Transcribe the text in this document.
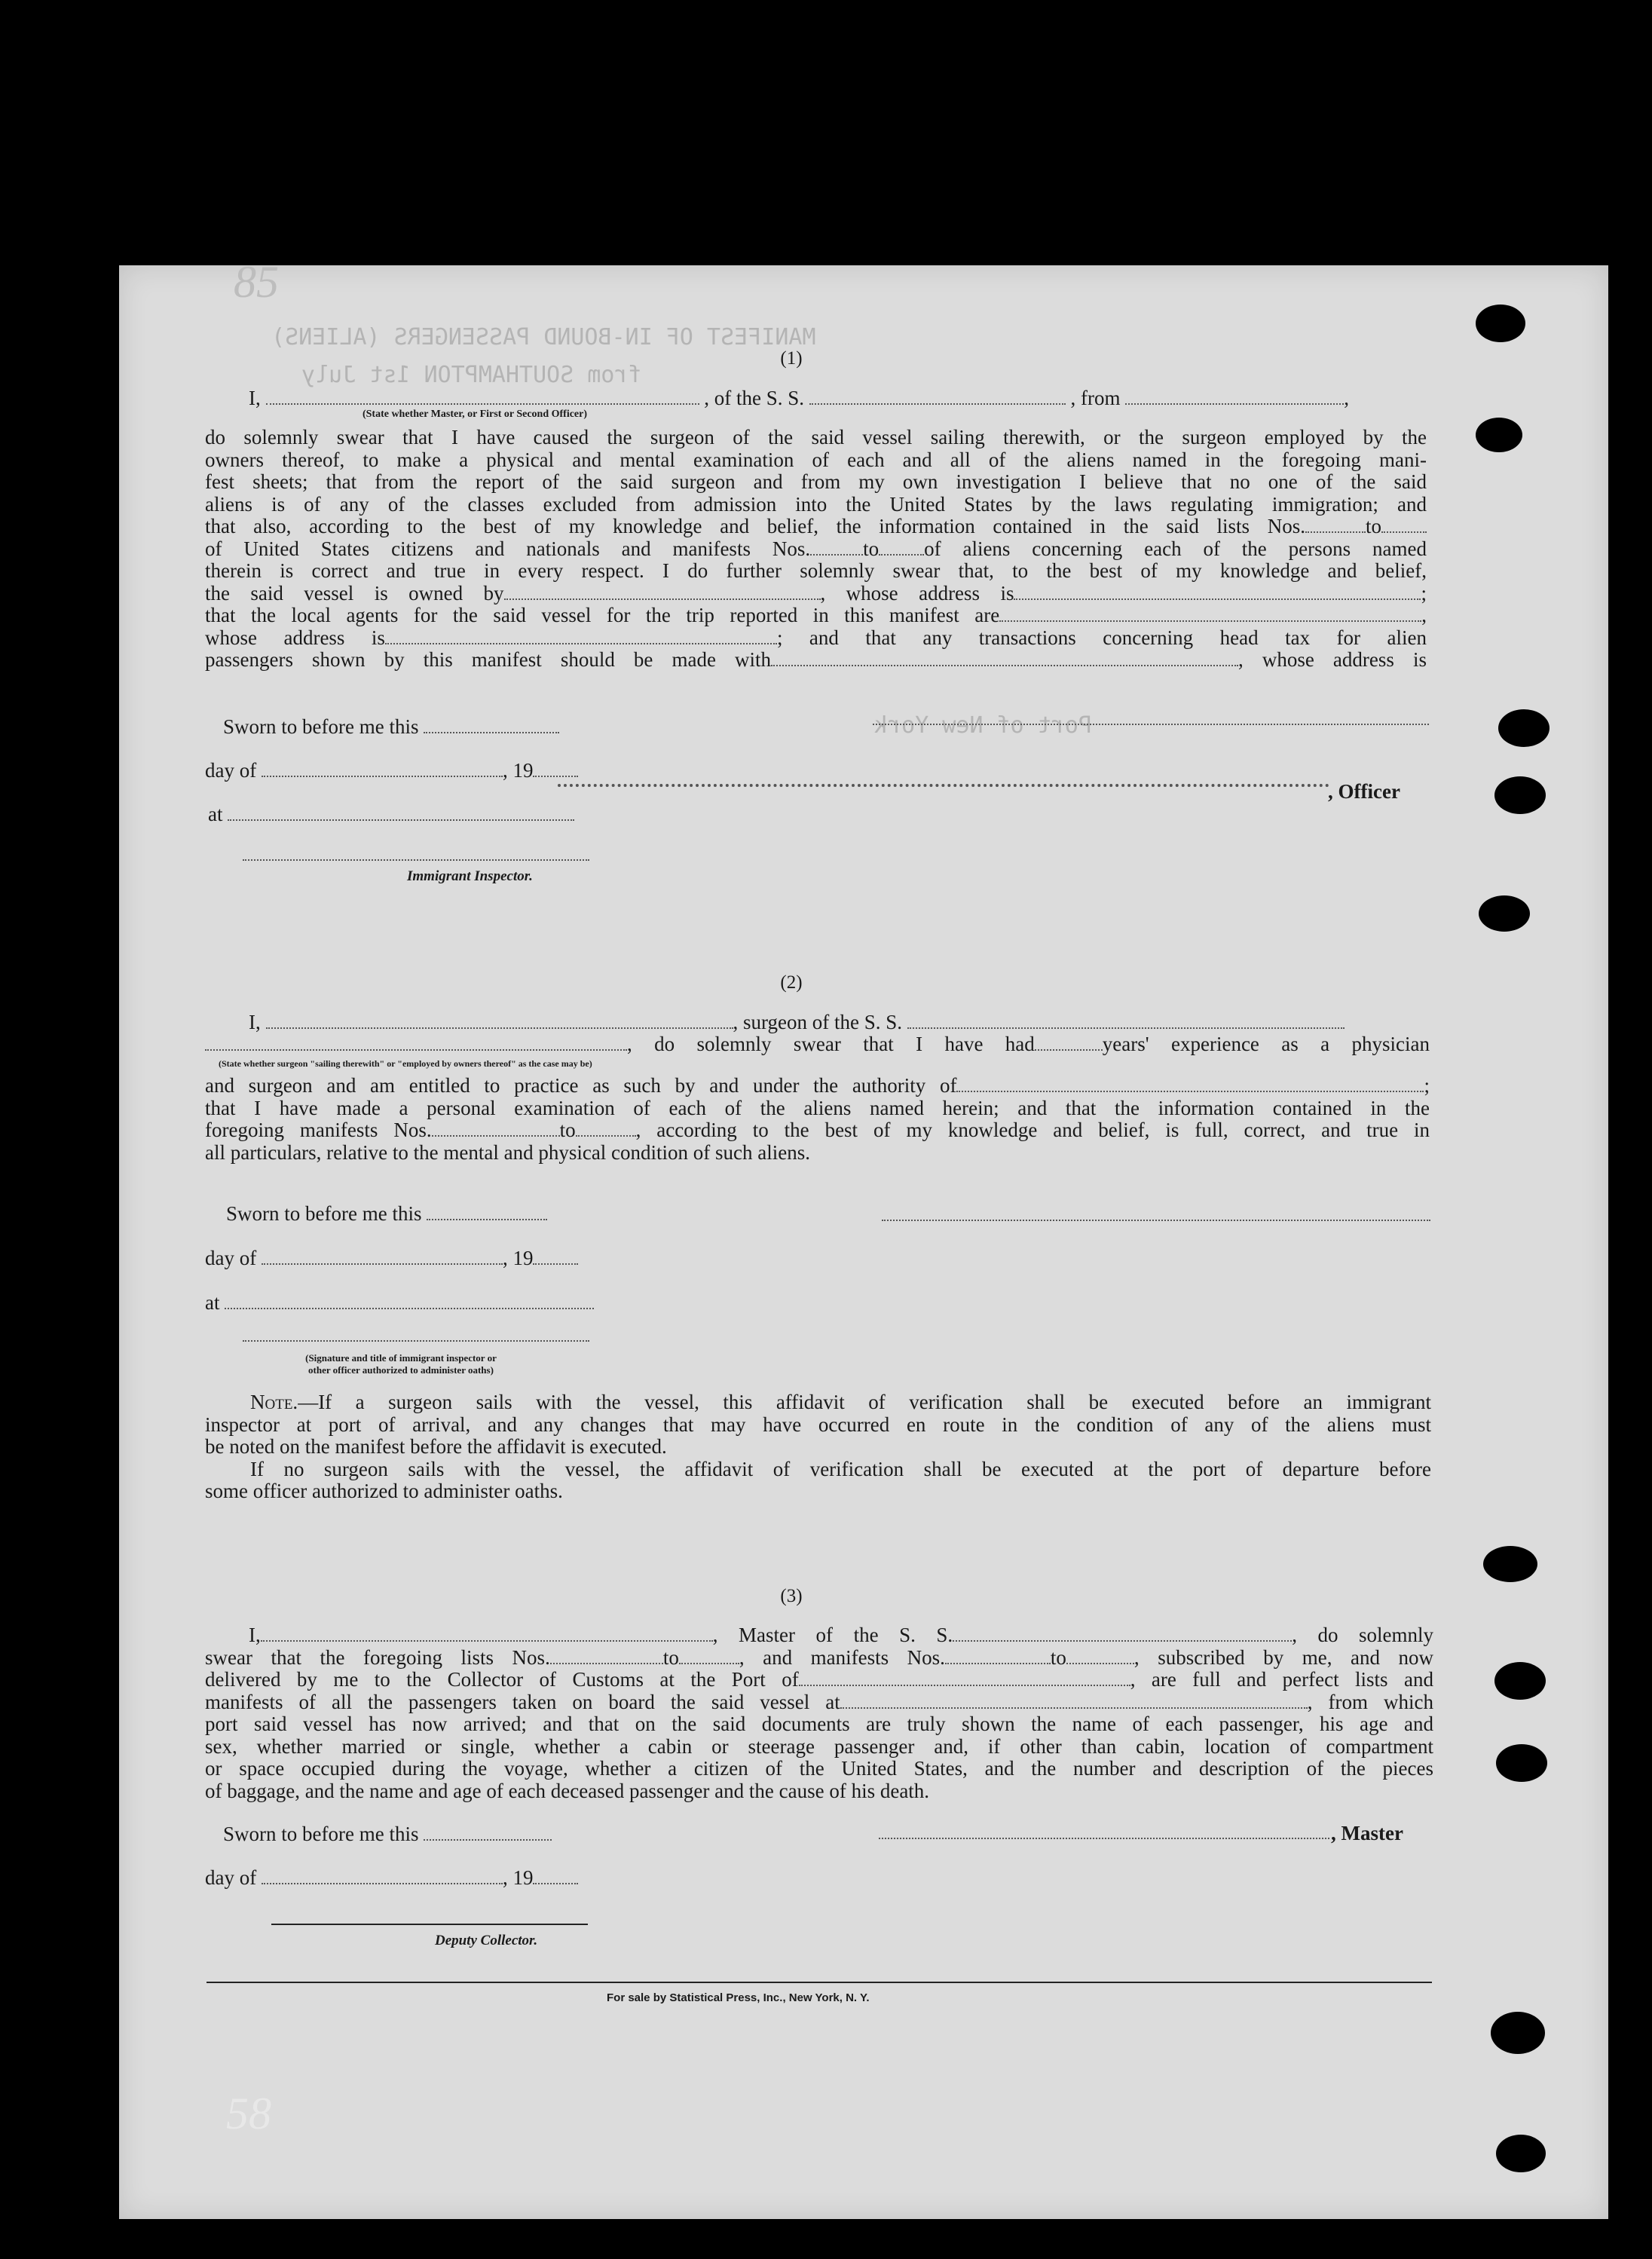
MANIFEST OF IN-BOUND PASSENGERS (ALIENS)
from SOUTHAMPTON 1st July
Port of New York
85
58
(1)
I,	, of the S. S.	, from	,
(State whether Master, or First or Second Officer)
do solemnly swear that I have caused the surgeon of the said vessel sailing therewith, or the surgeon employed by the
owners thereof, to make a physical and mental examination of each and all of the aliens named in the foregoing mani-
fest sheets; that from the report of the said surgeon and from my own investigation I believe that no one of the said
aliens is of any of the classes excluded from admission into the United States by the laws regulating immigration; and
that also, according to the best of my knowledge and belief, the information contained in the said lists Nos.	to
of United States citizens and nationals and manifests Nos.	to of aliens concerning each of the persons named
therein is correct and true in every respect. I do further solemnly swear that, to the best of my knowledge and belief,
the said vessel is owned by	, whose address is	;
that the local agents for the said vessel for the trip reported in this manifest are	,
whose address is	; and that any transactions concerning head tax for alien
passengers shown by this manifest should be made with	, whose address is
Sworn to before me this
day of	, 19
, Officer
at
Immigrant Inspector.
(2)
I,	, surgeon of the S. S.
, do solemnly swear that I have had	years' experience as a physician
(State whether surgeon "sailing therewith" or "employed by owners thereof" as the case may be)
and surgeon and am entitled to practice as such by and under the authority of	;
that I have made a personal examination of each of the aliens named herein; and that the information contained in the
foregoing manifests Nos.	to	, according to the best of my knowledge and belief, is full, correct, and true in
all particulars, relative to the mental and physical condition of such aliens.
Sworn to before me this
day of	, 19
at
(Signature and title of immigrant inspector or
other officer authorized to administer oaths)
Note.—If a surgeon sails with the vessel, this affidavit of verification shall be executed before an immigrant
inspector at port of arrival, and any changes that may have occurred en route in the condition of any of the aliens must
be noted on the manifest before the affidavit is executed.
If no surgeon sails with the vessel, the affidavit of verification shall be executed at the port of departure before
some officer authorized to administer oaths.
(3)
I,	, Master of the S. S.	, do solemnly
swear that the foregoing lists Nos.	to	, and manifests Nos.	to	, subscribed by me, and now
delivered by me to the Collector of Customs at the Port of	, are full and perfect lists and
manifests of all the passengers taken on board the said vessel at	, from which
port said vessel has now arrived; and that on the said documents are truly shown the name of each passenger, his age and
sex, whether married or single, whether a cabin or steerage passenger and, if other than cabin, location of compartment
or space occupied during the voyage, whether a citizen of the United States, and the number and description of the pieces
of baggage, and the name and age of each deceased passenger and the cause of his death.
Sworn to before me this	, Master
day of	, 19
Deputy Collector.
For sale by Statistical Press, Inc., New York, N. Y.
